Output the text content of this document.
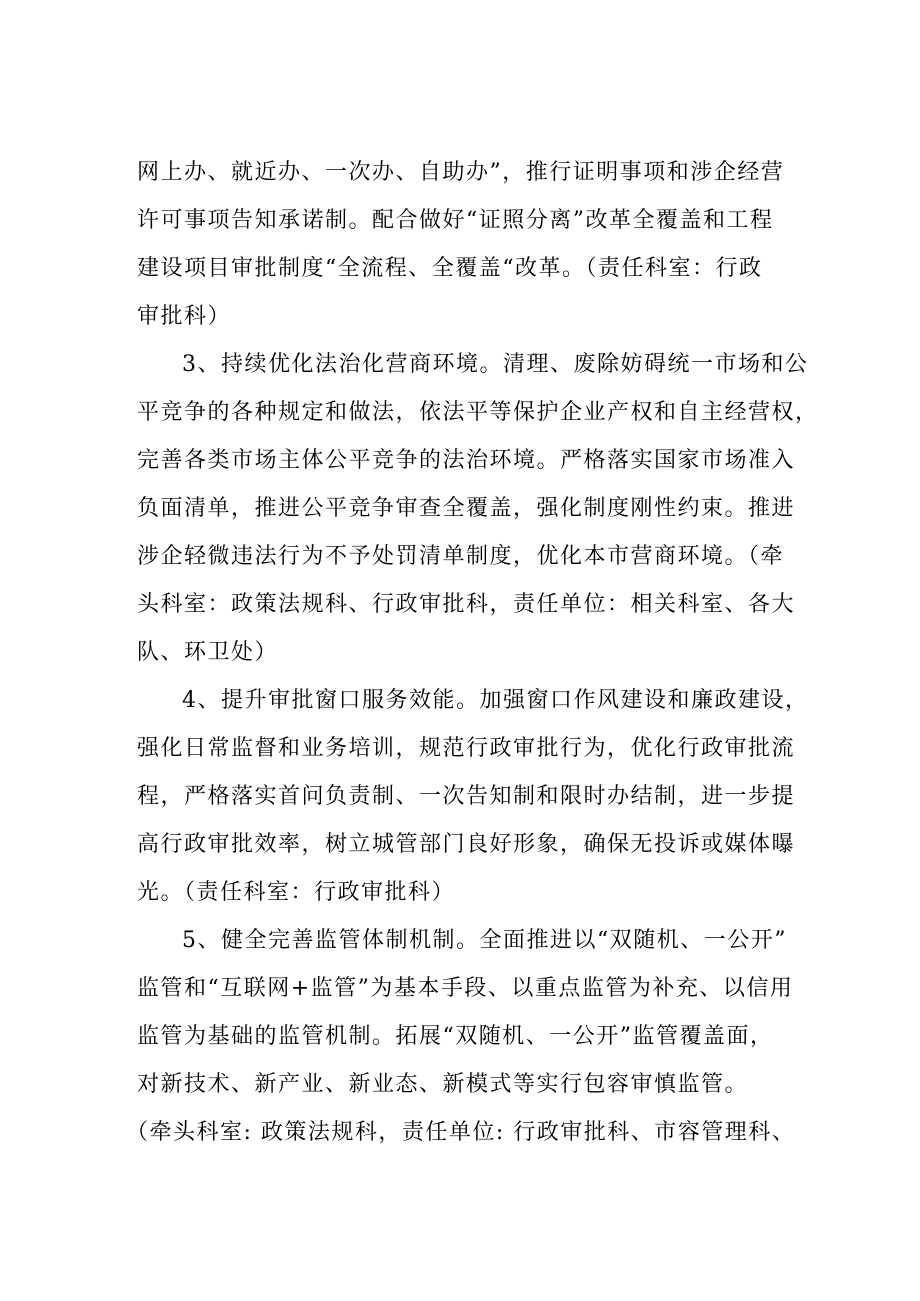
网上办、就近办、一次办、自助办”，推行证明事项和涉企经营
许可事项告知承诺制。配合做好“证照分离”改革全覆盖和工程
建设项目审批制度“全流程、全覆盖“改革。（责任科室：行政
审批科）
3、持续优化法治化营商环境。清理、废除妨碍统一市场和公
平竞争的各种规定和做法，依法平等保护企业产权和自主经营权，
完善各类市场主体公平竞争的法治环境。严格落实国家市场准入
负面清单，推进公平竞争审查全覆盖，强化制度刚性约束。推进
涉企轻微违法行为不予处罚清单制度，优化本市营商环境。（牵
头科室：政策法规科、行政审批科，责任单位：相关科室、各大
队、环卫处）
4、提升审批窗口服务效能。加强窗口作风建设和廉政建设，
强化日常监督和业务培训，规范行政审批行为，优化行政审批流
程，严格落实首问负责制、一次告知制和限时办结制，进一步提
高行政审批效率，树立城管部门良好形象，确保无投诉或媒体曝
光。（责任科室：行政审批科）
5、健全完善监管体制机制。全面推进以“双随机、一公开”
监管和“互联网+监管”为基本手段、以重点监管为补充、以信用
监管为基础的监管机制。拓展“双随机、一公开”监管覆盖面，
对新技术、新产业、新业态、新模式等实行包容审慎监管。
（牵头科室: 政策法规科，责任单位: 行政审批科、市容管理科、
